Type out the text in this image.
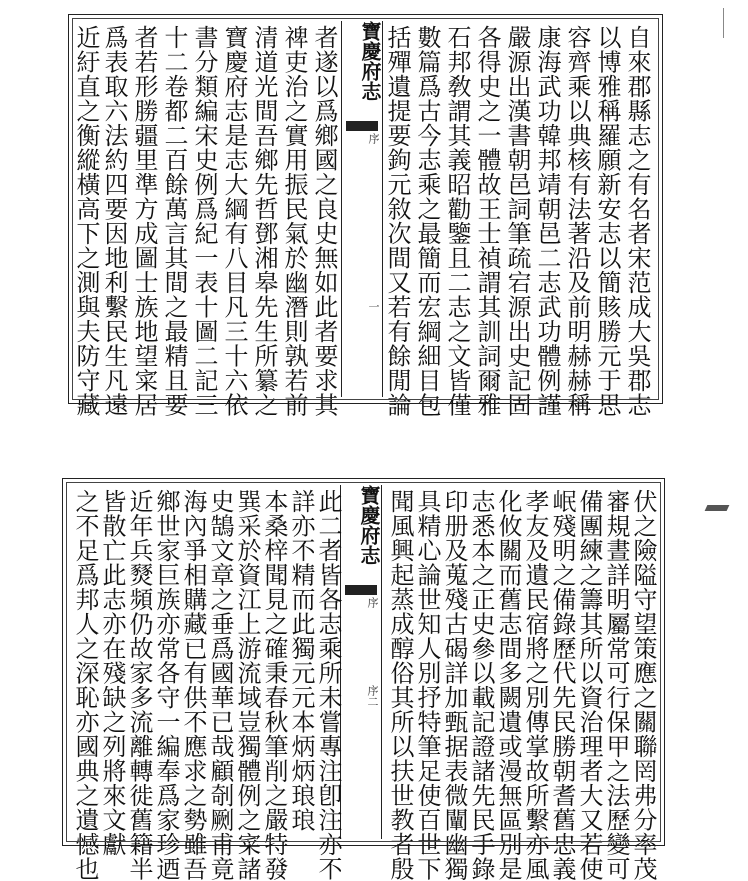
自來郡縣志之有名者宋范成大吳郡志
以博雅稱羅願新安志以簡賅勝元于思
容齊乘以典核有法著沿及前明赫赫稱
康海武功韓邦靖朝邑二志武功體例謹
嚴源出漢書朝邑詞筆疏宕源出史記固
各得史之一體故王士禎謂其訓詞爾雅
石邦敎謂其義昭勸鑒且二志之文皆僅
數篇爲古今志乘之最簡而宏綱細目包
括殫遺提要鉤元敘次間又若有餘閒論
寶慶府志
序
一
者遂以爲鄉國之良史無如此者要求其
禆吏治之實用振民氣於幽潛則孰若前
清道光間吾鄉先哲鄧湘皋先生所纂之
寶慶府志是志大綱有八目凡三十六依
書分類編宋史例爲紀一表十圖二記三
十二卷都二百餘萬言其間之最精且要
者若形勝疆里準方成圖士族地望寀居
爲表取六法約四要因地利繫民生凡遠
近紆直之衡縱橫高下之測與夫防守藏
伏之險隘守望策應之關聯罔弗分率茂
審規晝詳明屬常可行保甲之法歷變可
備團練之籌其所以資治理者大又若使
岷殘明之備錄歷代先民勝朝耆舊忠義
孝友及遺民宿將之別傳掌故所繫亦風
化攸關而舊志間多闕遺或漫無區別是
志悉本之正史參以載記證諸先民手錄
印册及蒐殘古碣詳加甄据表微闡幽獨
具精心論世知人別抒特筆足使百世下
聞風興起蒸成醇俗其所以扶世教者殷
寶慶府志
序
序二
此二者皆各志乘所未嘗專注卽注亦不
詳亦不精而此獨元元本炳炳琅琅
本桑梓聞見之確秉春秋筆削之嚴特發
巽采於資江上游流域豈獨體例之寀諸
史鵠文章之垂爲國華已哉顧剞劂甫竟
海內爭相購藏已有供不應求之勢雖吾
鄉世家巨族亦常各守一編奉爲家珍迺
近年兵燹頻仍故家多流離轉徙舊籍半
皆散亡此志亦在殘缺之列將來文獻
之不足爲邦人之深恥亦國典之遺憾也
